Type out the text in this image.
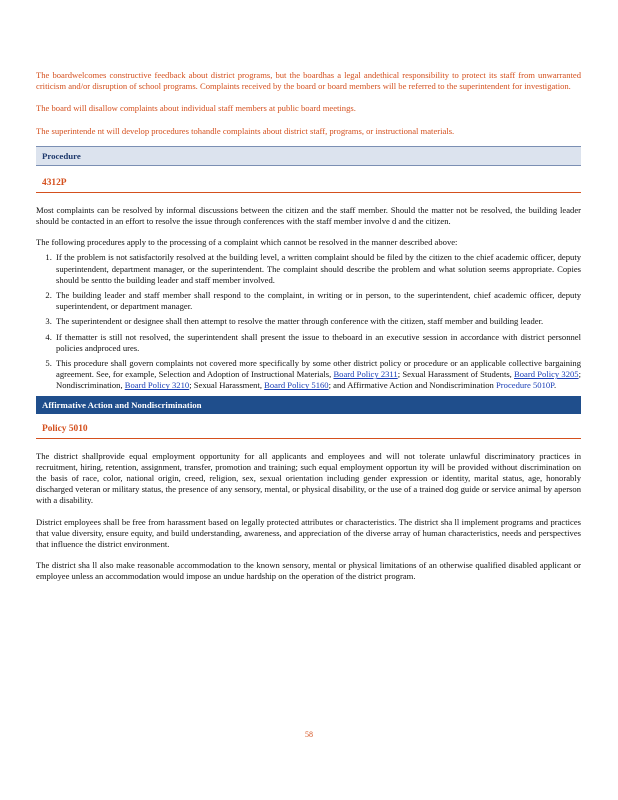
The boardwelcomes constructive feedback about district programs, but the boardhas a legal andethical responsibility to protect its staff from unwarranted criticism and/or disruption of school programs. Complaints received by the board or board members will be referred to the superintendent for investigation.

The board will disallow complaints about individual staff members at public board meetings.

The superintende nt will develop procedures tohandle complaints about district staff, programs, or instructional materials.

Procedure
4312P

Most complaints can be resolved by informal discussions between the citizen and the staff member. Should the matter not be resolved, the building leader should be contacted in an effort to resolve the issue through conferences with the staff member involve d and the citizen.

The following procedures apply to the processing of a complaint which cannot be resolved in the manner described above:

1. If the problem is not satisfactorily resolved at the building level, a written complaint should be filed by the citizen to the chief academic officer, deputy superintendent, department manager, or the superintendent. The complaint should describe the problem and what solution seems appropriate. Copies should be sentto the building leader and staff member involved.
2. The building leader and staff member shall respond to the complaint, in writing or in person, to the superintendent, chief academic officer, deputy superintendent, or department manager.
3. The superintendent or designee shall then attempt to resolve the matter through conference with the citizen, staff member and building leader.
4. If thematter is still not resolved, the superintendent shall present the issue to theboard in an executive session in accordance with district personnel policies andproced ures.
5. This procedure shall govern complaints not covered more specifically by some other district policy or procedure or an applicable collective bargaining agreement. See, for example, Selection and Adoption of Instructional Materials, Board Policy 2311; Sexual Harassment of Students, Board Policy 3205; Nondiscrimination, Board Policy 3210; Sexual Harassment, Board Policy 5160; and Affirmative Action and Nondiscrimination Procedure 5010P.
Affirmative Action and Nondiscrimination
Policy 5010

The district shallprovide equal employment opportunity for all applicants and employees and will not tolerate unlawful discriminatory practices in recruitment, hiring, retention, assignment, transfer, promotion and training; such equal employment opportun ity will be provided without discrimination on the basis of race, color, national origin, creed, religion, sex, sexual orientation including gender expression or identity, marital status, age, honorably discharged veteran or military status, the presence of any sensory, mental, or physical disability, or the use of a trained dog guide or service animal by aperson with a disability.

District employees shall be free from harassment based on legally protected attributes or characteristics. The district sha ll implement programs and practices that value diversity, ensure equity, and build understanding, awareness, and appreciation of the diverse array of human characteristics, needs and perspectives that influence the district environment.

The district sha ll also make reasonable accommodation to the known sensory, mental or physical limitations of an otherwise qualified disabled applicant or employee unless an accommodation would impose an undue hardship on the operation of the district program.

58
